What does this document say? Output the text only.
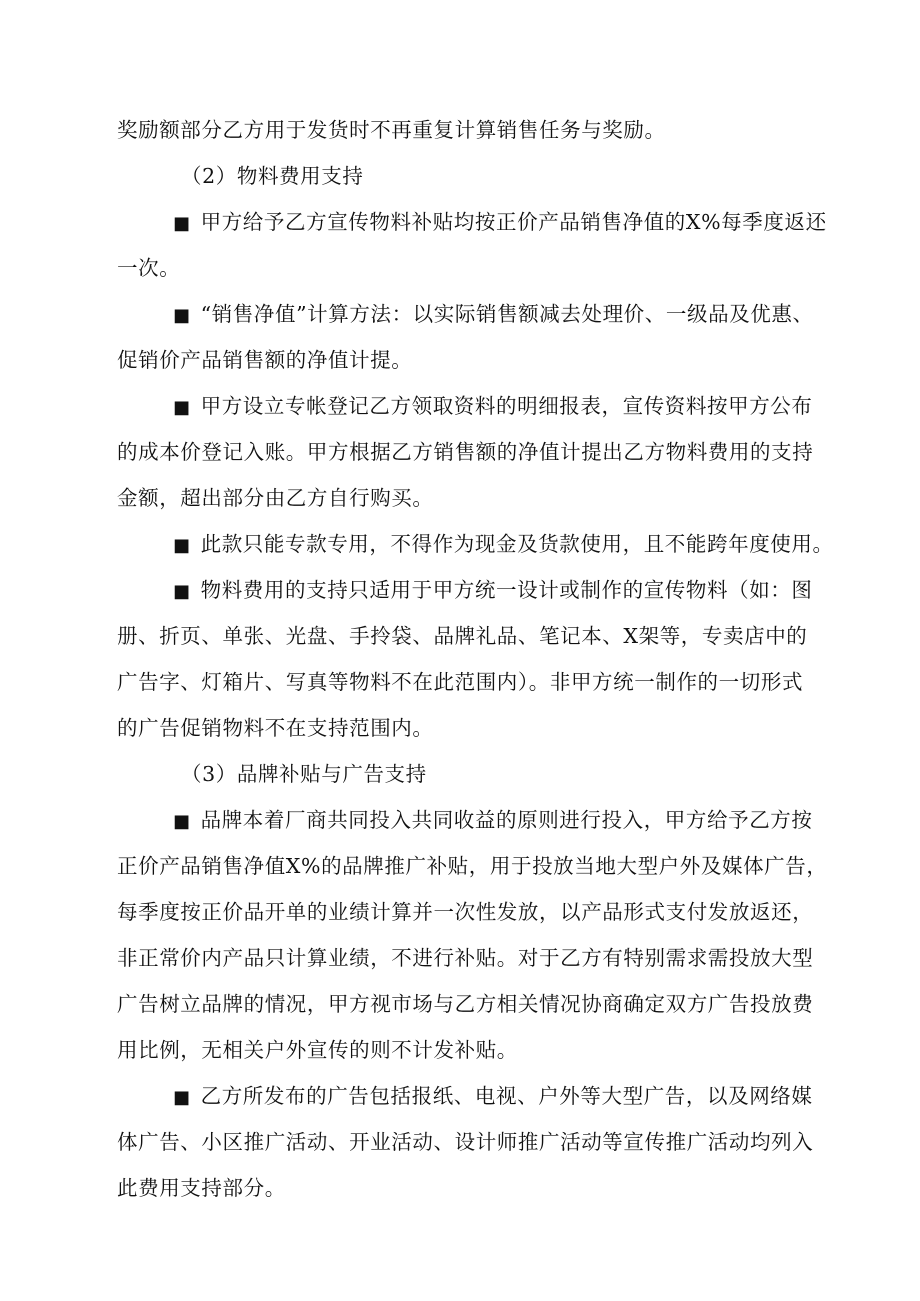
奖励额部分乙方用于发货时不再重复计算销售任务与奖励。
（2）物料费用支持
■ 甲方给予乙方宣传物料补贴均按正价产品销售净值的X%每季度返还
一次。
■ “销售净值”计算方法：以实际销售额减去处理价、一级品及优惠、
促销价产品销售额的净值计提。
■ 甲方设立专帐登记乙方领取资料的明细报表，宣传资料按甲方公布
的成本价登记入账。甲方根据乙方销售额的净值计提出乙方物料费用的支持
金额，超出部分由乙方自行购买。
■ 此款只能专款专用，不得作为现金及货款使用，且不能跨年度使用。
■ 物料费用的支持只适用于甲方统一设计或制作的宣传物料（如：图
册、折页、单张、光盘、手拎袋、品牌礼品、笔记本、X架等，专卖店中的
广告字、灯箱片、写真等物料不在此范围内）。非甲方统一制作的一切形式
的广告促销物料不在支持范围内。
（3）品牌补贴与广告支持
■ 品牌本着厂商共同投入共同收益的原则进行投入，甲方给予乙方按
正价产品销售净值X%的品牌推广补贴，用于投放当地大型户外及媒体广告，
每季度按正价品开单的业绩计算并一次性发放，以产品形式支付发放返还，
非正常价内产品只计算业绩，不进行补贴。对于乙方有特别需求需投放大型
广告树立品牌的情况，甲方视市场与乙方相关情况协商确定双方广告投放费
用比例，无相关户外宣传的则不计发补贴。
■ 乙方所发布的广告包括报纸、电视、户外等大型广告，以及网络媒
体广告、小区推广活动、开业活动、设计师推广活动等宣传推广活动均列入
此费用支持部分。
